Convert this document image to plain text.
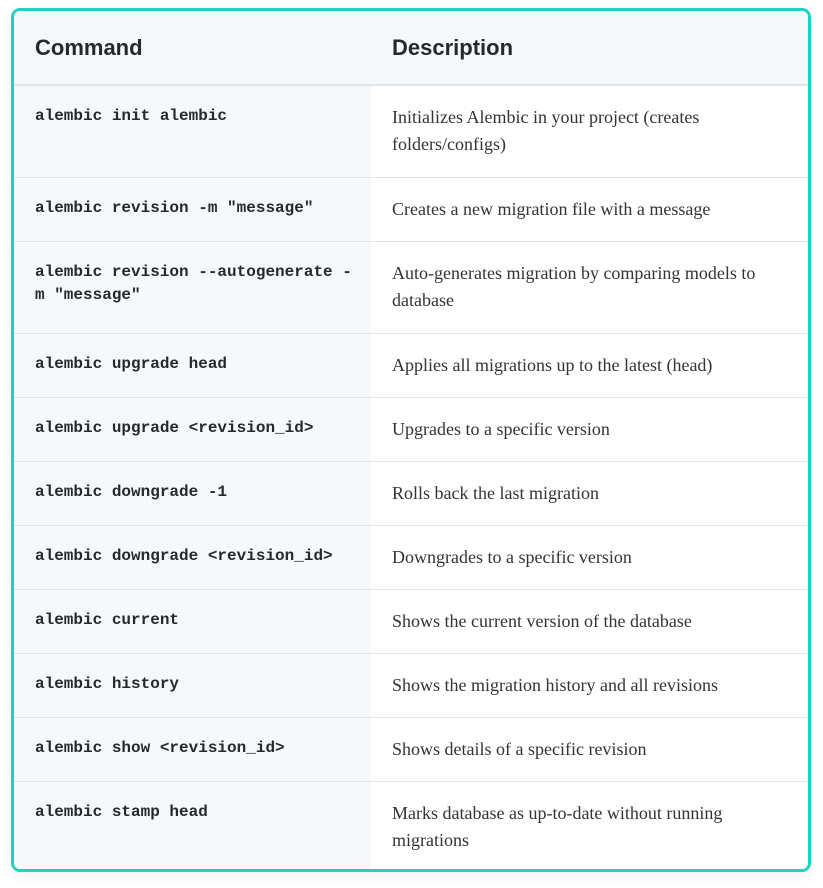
Command	Description
alembic init alembic	Initializes Alembic in your project (creates folders/configs)
alembic revision -m "message"	Creates a new migration file with a message
alembic revision --autogenerate -m "message"	Auto-generates migration by comparing models to database
alembic upgrade head	Applies all migrations up to the latest (head)
alembic upgrade <revision_id>	Upgrades to a specific version
alembic downgrade -1	Rolls back the last migration
alembic downgrade <revision_id>	Downgrades to a specific version
alembic current	Shows the current version of the database
alembic history	Shows the migration history and all revisions
alembic show <revision_id>	Shows details of a specific revision
alembic stamp head	Marks database as up-to-date without running migrations
